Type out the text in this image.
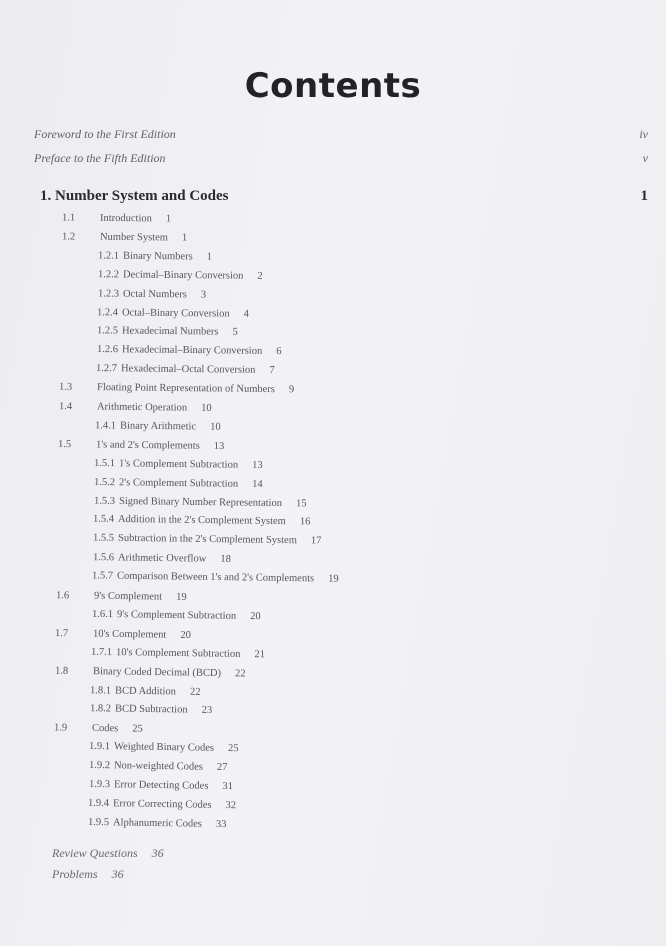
Contents
Foreword to the First Edition	iv
Preface to the Fifth Edition	v
1. Number System and Codes	1
1.1 Introduction 1
1.2 Number System 1
1.2.1 Binary Numbers 1
1.2.2 Decimal–Binary Conversion 2
1.2.3 Octal Numbers 3
1.2.4 Octal–Binary Conversion 4
1.2.5 Hexadecimal Numbers 5
1.2.6 Hexadecimal–Binary Conversion 6
1.2.7 Hexadecimal–Octal Conversion 7
1.3 Floating Point Representation of Numbers 9
1.4 Arithmetic Operation 10
1.4.1 Binary Arithmetic 10
1.5 1's and 2's Complements 13
1.5.1 1's Complement Subtraction 13
1.5.2 2's Complement Subtraction 14
1.5.3 Signed Binary Number Representation 15
1.5.4 Addition in the 2's Complement System 16
1.5.5 Subtraction in the 2's Complement System 17
1.5.6 Arithmetic Overflow 18
1.5.7 Comparison Between 1's and 2's Complements 19
1.6 9's Complement 19
1.6.1 9's Complement Subtraction 20
1.7 10's Complement 20
1.7.1 10's Complement Subtraction 21
1.8 Binary Coded Decimal (BCD) 22
1.8.1 BCD Addition 22
1.8.2 BCD Subtraction 23
1.9 Codes 25
1.9.1 Weighted Binary Codes 25
1.9.2 Non-weighted Codes 27
1.9.3 Error Detecting Codes 31
1.9.4 Error Correcting Codes 32
1.9.5 Alphanumeric Codes 33
Review Questions 36
Problems 36
